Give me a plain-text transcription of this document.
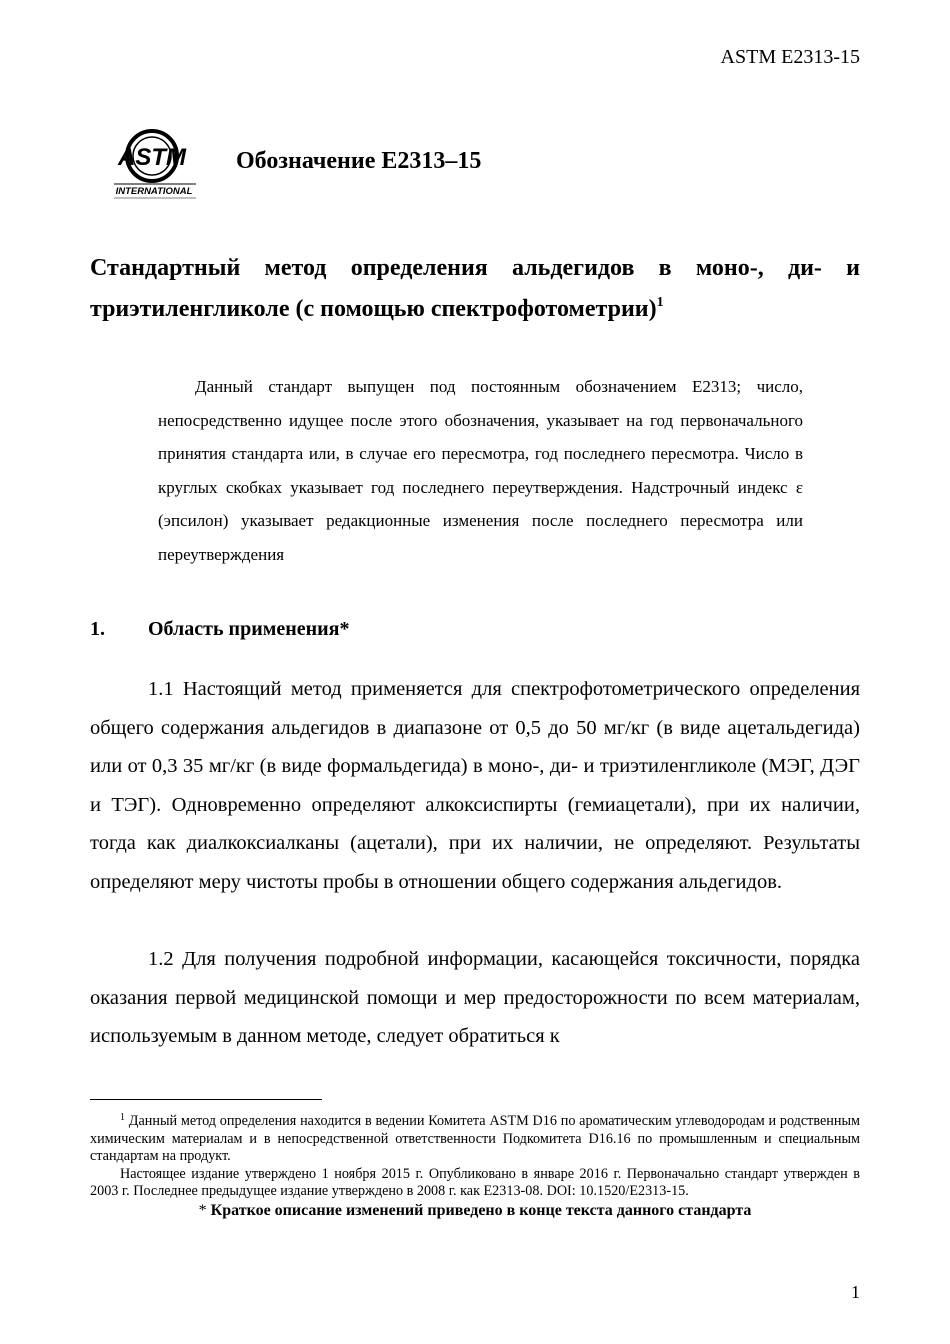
ASTM E2313-15
ASTM
INTERNATIONAL
Обозначение E2313–15
Стандартный метод определения альдегидов в моно-, ди- и триэтиленгликоле (с помощью спектрофотометрии)$^1$
Данный стандарт выпущен под постоянным обозначением E2313; число, непосредственно идущее после этого обозначения, указывает на год первоначального принятия стандарта или, в случае его пересмотра, год последнего пересмотра. Число в круглых скобках указывает год последнего переутверждения. Надстрочный индекс ε (эпсилон) указывает редакционные изменения после последнего пересмотра или переутверждения
1. Область применения*

1.1 Настоящий метод применяется для спектрофотометрического определения общего содержания альдегидов в диапазоне от 0,5 до 50 мг/кг (в виде ацетальдегида) или от 0,3 35 мг/кг (в виде формальдегида) в моно-, ди- и триэтиленгликоле (МЭГ, ДЭГ и ТЭГ). Одновременно определяют алкоксиспирты (гемиацетали), при их наличии, тогда как диалкоксиалканы (ацетали), при их наличии, не определяют. Результаты определяют меру чистоты пробы в отношении общего содержания альдегидов.

1.2 Для получения подробной информации, касающейся токсичности, порядка оказания первой медицинской помощи и мер предосторожности по всем материалам, используемым в данном методе, следует обратиться к

$^1$ Данный метод определения находится в ведении Комитета ASTM D16 по ароматическим углеводородам и родственным химическим материалам и в непосредственной ответственности Подкомитета D16.16 по промышленным и специальным стандартам на продукт.

Настоящее издание утверждено 1 ноября 2015 г. Опубликовано в январе 2016 г. Первоначально стандарт утвержден в 2003 г. Последнее предыдущее издание утверждено в 2008 г. как E2313-08. DOI: 10.1520/E2313-15.

* Краткое описание изменений приведено в конце текста данного стандарта

1
